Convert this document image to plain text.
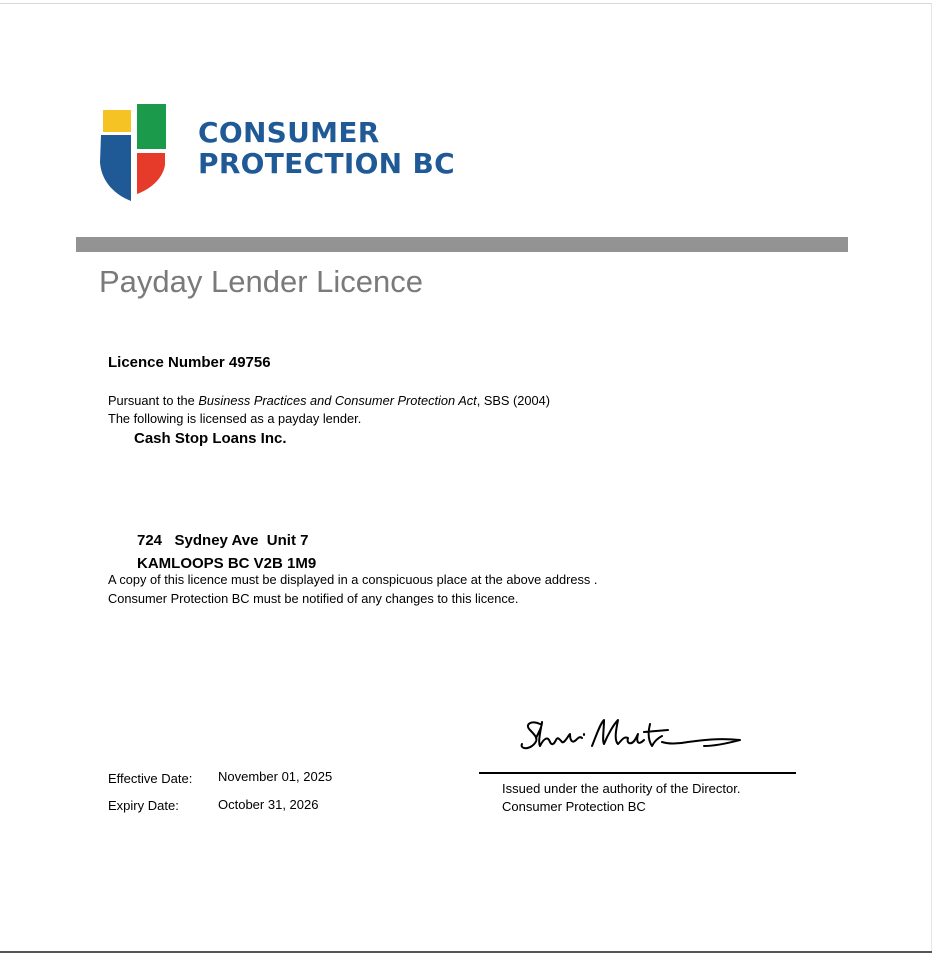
CONSUMER
PROTECTION BC
Payday Lender Licence
Licence Number 49756
Pursuant to the Business Practices and Consumer Protection Act, SBS (2004)
The following is licensed as a payday lender.
Cash Stop Loans Inc.
724   Sydney Ave  Unit 7
KAMLOOPS BC V2B 1M9
A copy of this licence must be displayed in a conspicuous place at the above address .
Consumer Protection BC must be notified of any changes to this licence.
Effective Date: November 01, 2025
Expiry Date:	October 31, 2026
Issued under the authority of the Director.
Consumer Protection BC
